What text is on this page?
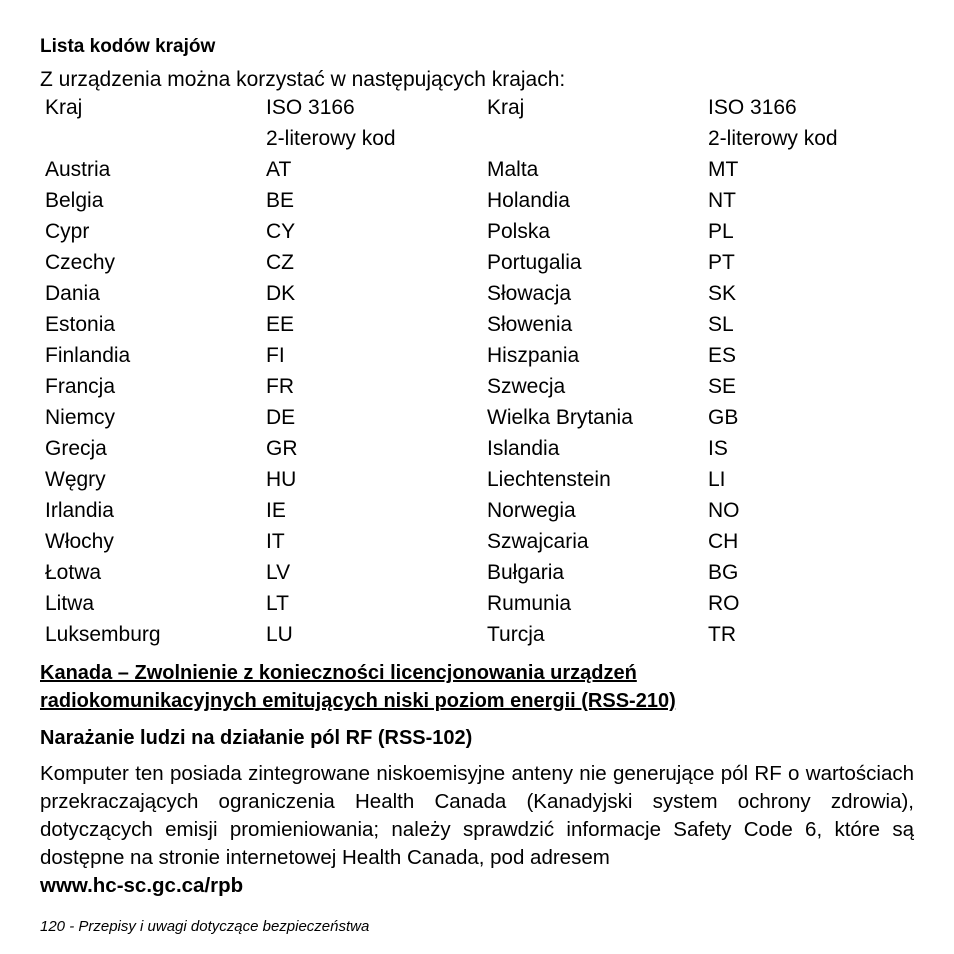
Lista kodów krajów
Z urządzenia można korzystać w następujących krajach:
Kraj	ISO 3166	Kraj	ISO 3166
	2-literowy kod		2-literowy kod
Austria	AT	Malta	MT
Belgia	BE	Holandia	NT
Cypr	CY	Polska	PL
Czechy	CZ	Portugalia	PT
Dania	DK	Słowacja	SK
Estonia	EE	Słowenia	SL
Finlandia	FI	Hiszpania	ES
Francja	FR	Szwecja	SE
Niemcy	DE	Wielka Brytania	GB
Grecja	GR	Islandia	IS
Węgry	HU	Liechtenstein	LI
Irlandia	IE	Norwegia	NO
Włochy	IT	Szwajcaria	CH
Łotwa	LV	Bułgaria	BG
Litwa	LT	Rumunia	RO
Luksemburg	LU	Turcja	TR
Kanada – Zwolnienie z konieczności licencjonowania urządzeń
radiokomunikacyjnych emitujących niski poziom energii (RSS-210)
Narażanie ludzi na działanie pól RF (RSS-102)

Komputer ten posiada zintegrowane niskoemisyjne anteny nie generujące pól RF o wartościach przekraczających ograniczenia Health Canada (Kanadyjski system ochrony zdrowia), dotyczących emisji promieniowania; należy sprawdzić informacje Safety Code 6, które są dostępne na stronie internetowej Health Canada, pod adresem
www.hc-sc.gc.ca/rpb

120 - Przepisy i uwagi dotyczące bezpieczeństwa
